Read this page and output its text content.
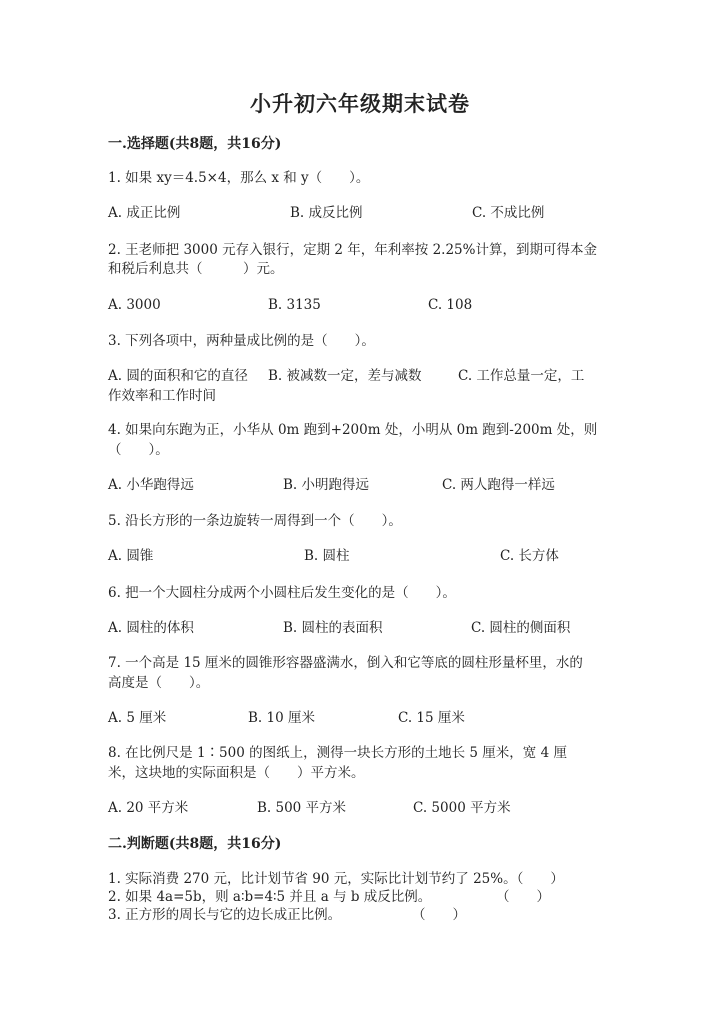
小升初六年级期末试卷
一.选择题(共8题，共16分)
1. 如果 xy＝4.5×4，那么 x 和 y（　　）。
A. 成正比例	B. 成反比例	C. 不成比例
2. 王老师把 3000 元存入银行，定期 2 年，年利率按 2.25%计算，到期可得本金
和税后利息共（　　　）元。
A. 3000	B. 3135	C. 108
3. 下列各项中，两种量成比例的是（　　）。
A. 圆的面积和它的直径 B. 被减数一定，差与减数	C. 工作总量一定，工
作效率和工作时间
4. 如果向东跑为正，小华从 0m 跑到+200m 处，小明从 0m 跑到-200m 处，则
（　　）。
A. 小华跑得远	B. 小明跑得远	C. 两人跑得一样远
5. 沿长方形的一条边旋转一周得到一个（　　）。
A. 圆锥	B. 圆柱	C. 长方体
6. 把一个大圆柱分成两个小圆柱后发生变化的是（　　）。
A. 圆柱的体积	B. 圆柱的表面积	C. 圆柱的侧面积
7. 一个高是 15 厘米的圆锥形容器盛满水，倒入和它等底的圆柱形量杯里，水的
高度是（　　）。
A. 5 厘米	B. 10 厘米	C. 15 厘米
8. 在比例尺是 1∶500 的图纸上，测得一块长方形的土地长 5 厘米，宽 4 厘
米，这块地的实际面积是（　　）平方米。
A. 20 平方米	B. 500 平方米	C. 5000 平方米
二.判断题(共8题，共16分)
1. 实际消费 270 元，比计划节省 90 元，实际比计划节约了 25%。（　　）
2. 如果 4a=5b，则 a∶b=4∶5 并且 a 与 b 成反比例。	（　　）
3. 正方形的周长与它的边长成正比例。	（　　）
